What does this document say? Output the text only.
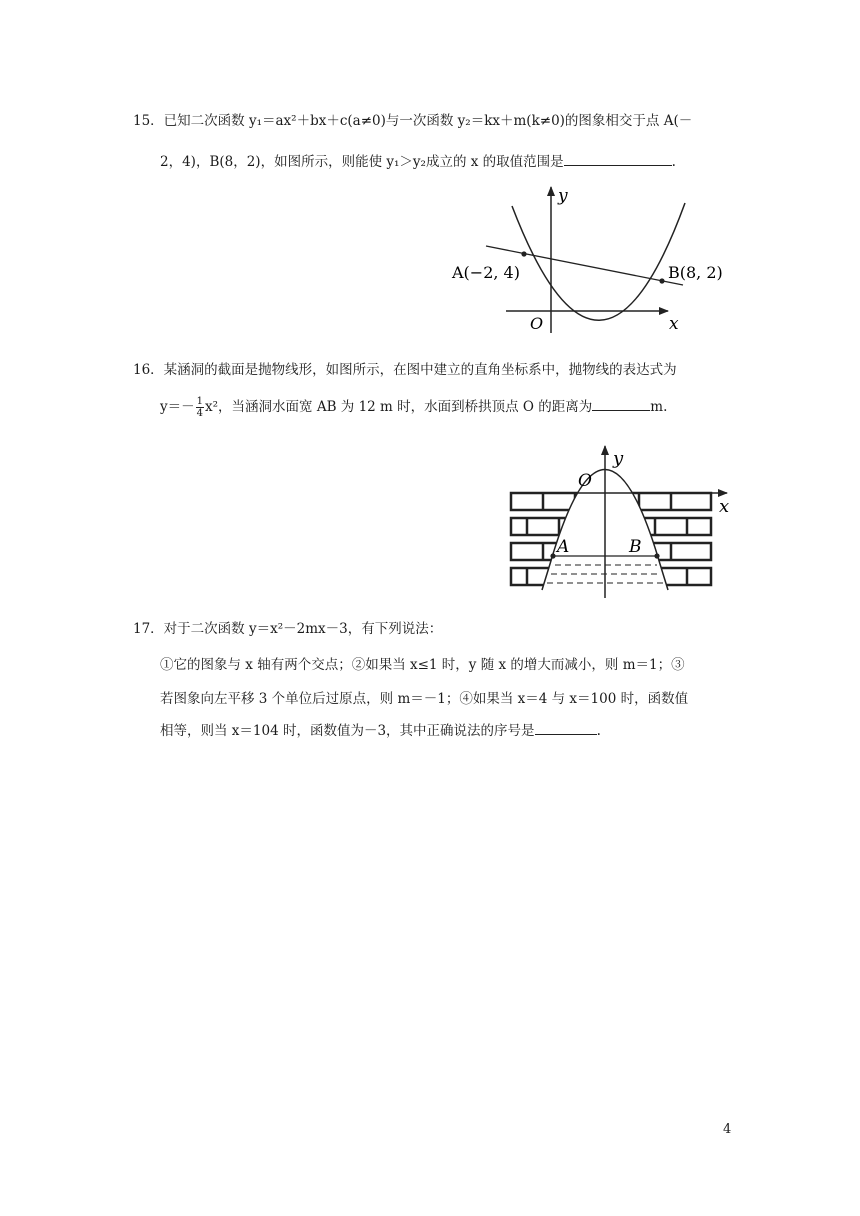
15．已知二次函数 y₁＝ax²＋bx＋c(a≠0)与一次函数 y₂＝kx＋m(k≠0)的图象相交于点 A(－
2，4)，B(8，2)，如图所示，则能使 y₁＞y₂成立的 x 的取值范围是	.
y
x
O
A(−2, 4)	B(8, 2)
16．某涵洞的截面是抛物线形，如图所示，在图中建立的直角坐标系中，抛物线的表达式为
$y=- \frac{1}{4} x^2$，当涵洞水面宽 AB 为 12 m 时，水面到桥拱顶点 O 的距离为	m.
y
x
O
A	B
17．对于二次函数 y＝x²－2mx－3，有下列说法：
①它的图象与 x 轴有两个交点；②如果当 x≤1 时，y 随 x 的增大而减小，则 m＝1；③
若图象向左平移 3 个单位后过原点，则 m＝－1；④如果当 x＝4 与 x＝100 时，函数值
相等，则当 x＝104 时，函数值为－3，其中正确说法的序号是	.
4
